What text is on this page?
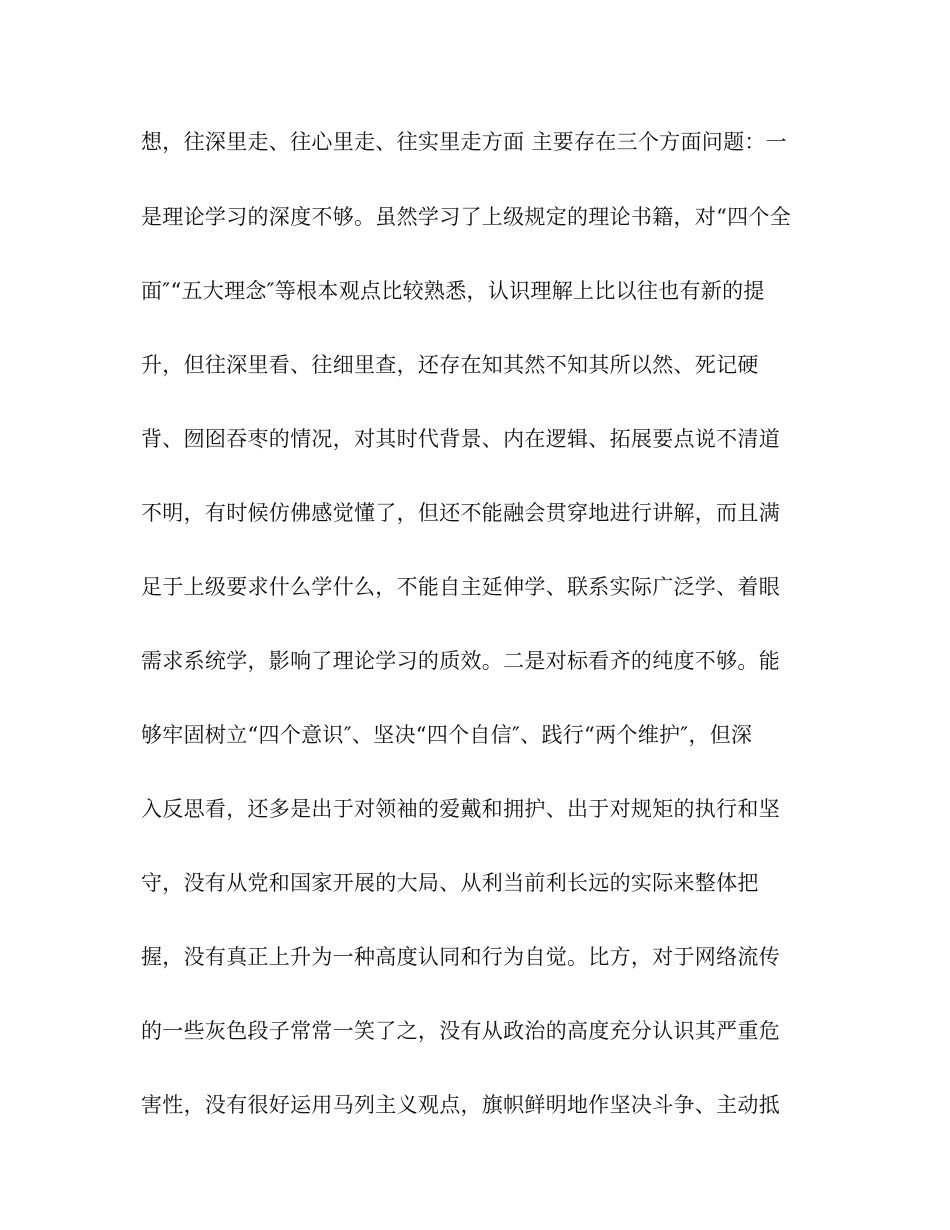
想，往深里走、往心里走、往实里走方面 主要存在三个方面问题：一
是理论学习的深度不够。虽然学习了上级规定的理论书籍，对“四个全
面″“五大理念″等根本观点比较熟悉，认识理解上比以往也有新的提
升，但往深里看、往细里查，还存在知其然不知其所以然、死记硬
背、囫囵吞枣的情况，对其时代背景、内在逻辑、拓展要点说不清道
不明，有时候仿佛感觉懂了，但还不能融会贯穿地进行讲解，而且满
足于上级要求什么学什么，不能自主延伸学、联系实际广泛学、着眼
需求系统学，影响了理论学习的质效。二是对标看齐的纯度不够。能
够牢固树立“四个意识″、坚决“四个自信″、践行“两个维护″，但深
入反思看，还多是出于对领袖的爱戴和拥护、出于对规矩的执行和坚
守，没有从党和国家开展的大局、从利当前利长远的实际来整体把
握，没有真正上升为一种高度认同和行为自觉。比方，对于网络流传
的一些灰色段子常常一笑了之，没有从政治的高度充分认识其严重危
害性，没有很好运用马列主义观点，旗帜鲜明地作坚决斗争、主动抵
